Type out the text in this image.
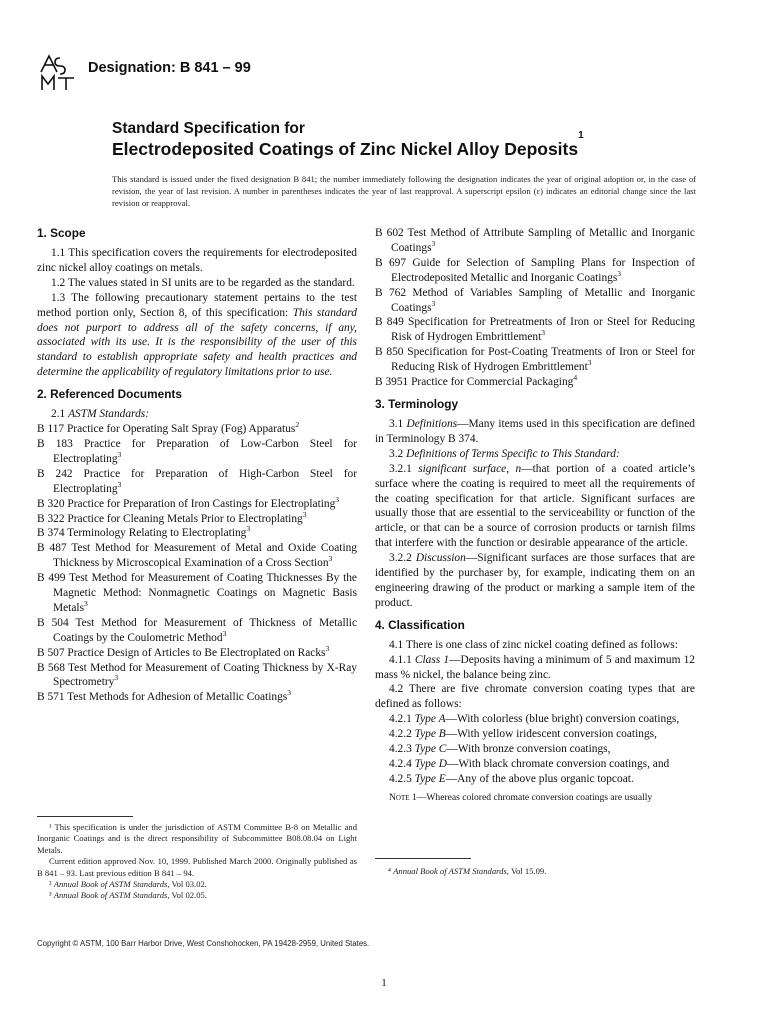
Designation: B 841 – 99
Standard Specification for
Electrodeposited Coatings of Zinc Nickel Alloy Deposits$^1$
This standard is issued under the fixed designation B 841; the number immediately following the designation indicates the year of original adoption or, in the case of revision, the year of last revision. A number in parentheses indicates the year of last reapproval. A superscript epsilon (ε) indicates an editorial change since the last revision or reapproval.
1. Scope

1.1 This specification covers the requirements for electrodeposited zinc nickel alloy coatings on metals.

1.2 The values stated in SI units are to be regarded as the standard.

1.3 The following precautionary statement pertains to the test method portion only, Section 8, of this specification: This standard does not purport to address all of the safety concerns, if any, associated with its use. It is the responsibility of the user of this standard to establish appropriate safety and health practices and determine the applicability of regulatory limitations prior to use.

2. Referenced Documents

2.1 ASTM Standards:

B 117 Practice for Operating Salt Spray (Fog) Apparatus$^2$

B 183 Practice for Preparation of Low-Carbon Steel for Electroplating$^3$

B 242 Practice for Preparation of High-Carbon Steel for Electroplating$^3$

B 320 Practice for Preparation of Iron Castings for Electroplating$^3$

B 322 Practice for Cleaning Metals Prior to Electroplating$^3$

B 374 Terminology Relating to Electroplating$^3$

B 487 Test Method for Measurement of Metal and Oxide Coating Thickness by Microscopical Examination of a Cross Section$^3$

B 499 Test Method for Measurement of Coating Thicknesses By the Magnetic Method: Nonmagnetic Coatings on Magnetic Basis Metals$^3$

B 504 Test Method for Measurement of Thickness of Metallic Coatings by the Coulometric Method$^3$

B 507 Practice Design of Articles to Be Electroplated on Racks$^3$

B 568 Test Method for Measurement of Coating Thickness by X-Ray Spectrometry$^3$

B 571 Test Methods for Adhesion of Metallic Coatings$^3$

B 602 Test Method of Attribute Sampling of Metallic and Inorganic Coatings$^3$

B 697 Guide for Selection of Sampling Plans for Inspection of Electrodeposited Metallic and Inorganic Coatings$^3$

B 762 Method of Variables Sampling of Metallic and Inorganic Coatings$^3$

B 849 Specification for Pretreatments of Iron or Steel for Reducing Risk of Hydrogen Embrittlement$^3$

B 850 Specification for Post-Coating Treatments of Iron or Steel for Reducing Risk of Hydrogen Embrittlement$^3$

B 3951 Practice for Commercial Packaging$^4$

3. Terminology

3.1 Definitions—Many items used in this specification are defined in Terminology B 374.

3.2 Definitions of Terms Specific to This Standard:

3.2.1 significant surface, n—that portion of a coated article’s surface where the coating is required to meet all the requirements of the coating specification for that article. Significant surfaces are usually those that are essential to the serviceability or function of the article, or that can be a source of corrosion products or tarnish films that interfere with the function or desirable appearance of the article.

3.2.2 Discussion—Significant surfaces are those surfaces that are identified by the purchaser by, for example, indicating them on an engineering drawing of the product or marking a sample item of the product.

4. Classification

4.1 There is one class of zinc nickel coating defined as follows:

4.1.1 Class 1—Deposits having a minimum of 5 and maximum 12 mass % nickel, the balance being zinc.

4.2 There are five chromate conversion coating types that are defined as follows:

4.2.1 Type A—With colorless (blue bright) conversion coatings,

4.2.2 Type B—With yellow iridescent conversion coatings,

4.2.3 Type C—With bronze conversion coatings,

4.2.4 Type D—With black chromate conversion coatings, and

4.2.5 Type E—Any of the above plus organic topcoat.

Note 1—Whereas colored chromate conversion coatings are usually

¹ This specification is under the jurisdiction of ASTM Committee B-8 on Metallic and Inorganic Coatings and is the direct responsibility of Subcommittee B08.08.04 on Light Metals.

Current edition approved Nov. 10, 1999. Published March 2000. Originally published as B 841 – 93. Last previous edition B 841 – 94.

² Annual Book of ASTM Standards, Vol 03.02.

³ Annual Book of ASTM Standards, Vol 02.05.

⁴ Annual Book of ASTM Standards, Vol 15.09.
Copyright © ASTM, 100 Barr Harbor Drive, West Conshohocken, PA 19428-2959, United States.
1
